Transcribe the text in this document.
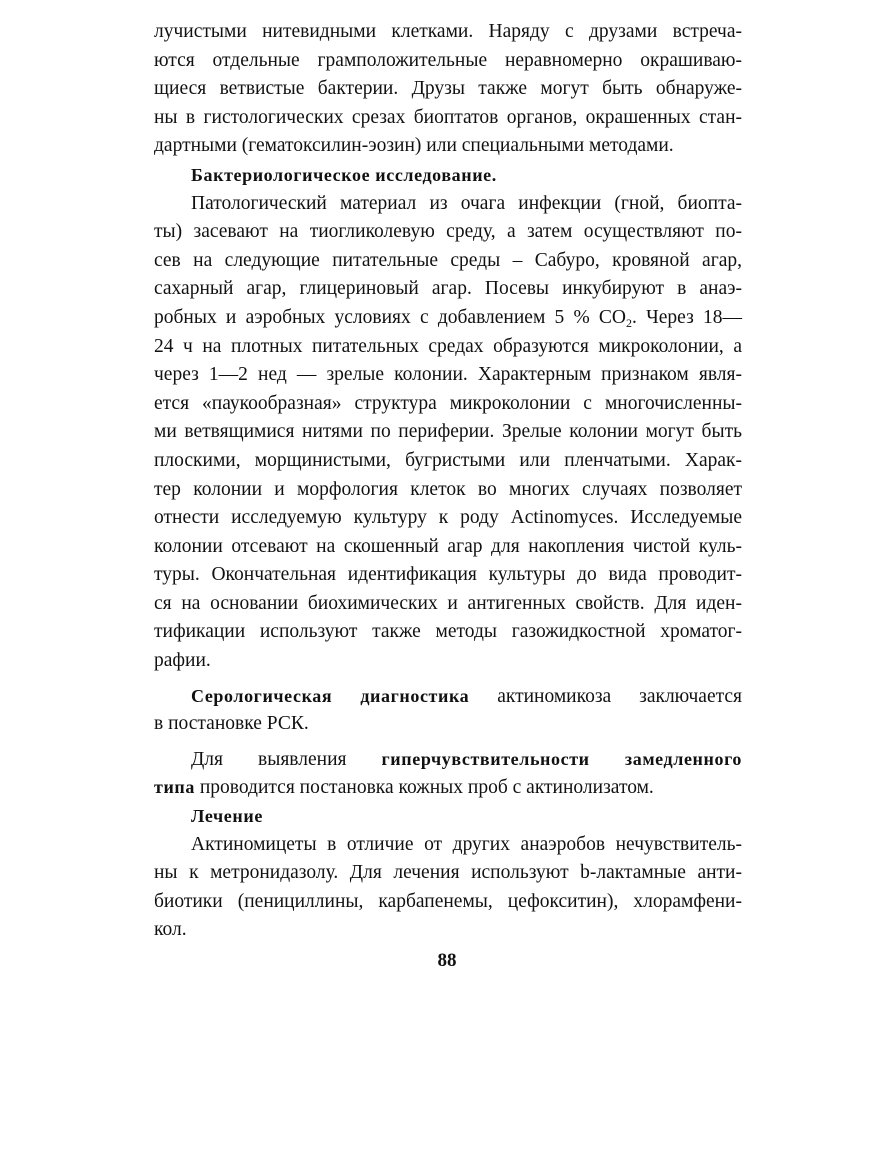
лучистыми нитевидными клетками. Наряду с друзами встреча-
ются отдельные грамположительные неравномерно окрашиваю-
щиеся ветвистые бактерии. Друзы также могут быть обнаруже-
ны в гистологических срезах биоптатов органов, окрашенных стан-
дартными (гематоксилин-эозин) или специальными методами.
Бактериологическое исследование.
Патологический материал из очага инфекции (гной, биопта-
ты) засевают на тиогликолевую среду, а затем осуществляют по-
сев на следующие питательные среды – Сабуро, кровяной агар,
сахарный агар, глицериновый агар. Посевы инкубируют в анаэ-
робных и аэробных условиях с добавлением 5 % $CO_2$. Через 18—
24 ч на плотных питательных средах образуются микроколонии, а
через 1—2 нед — зрелые колонии. Характерным признаком явля-
ется «паукообразная» структура микроколонии с многочисленны-
ми ветвящимися нитями по периферии. Зрелые колонии могут быть
плоскими, морщинистыми, бугристыми или пленчатыми. Харак-
тер колонии и морфология клеток во многих случаях позволяет
отнести исследуемую культуру к роду Actinomyces. Исследуемые
колонии отсевают на скошенный агар для накопления чистой куль-
туры. Окончательная идентификация культуры до вида проводит-
ся на основании биохимических и антигенных свойств. Для иден-
тификации используют также методы газожидкостной хроматог-
рафии.
Серологическая диагностика актиномикоза заключается
в постановке РСК.
Для выявления гиперчувствительности замедленного
типа проводится постановка кожных проб с актинолизатом.
Лечение
Актиномицеты в отличие от других анаэробов нечувствитель-
ны к метронидазолу. Для лечения используют b-лактамные анти-
биотики (пенициллины, карбапенемы, цефокситин), хлорамфени-
кол.
88
